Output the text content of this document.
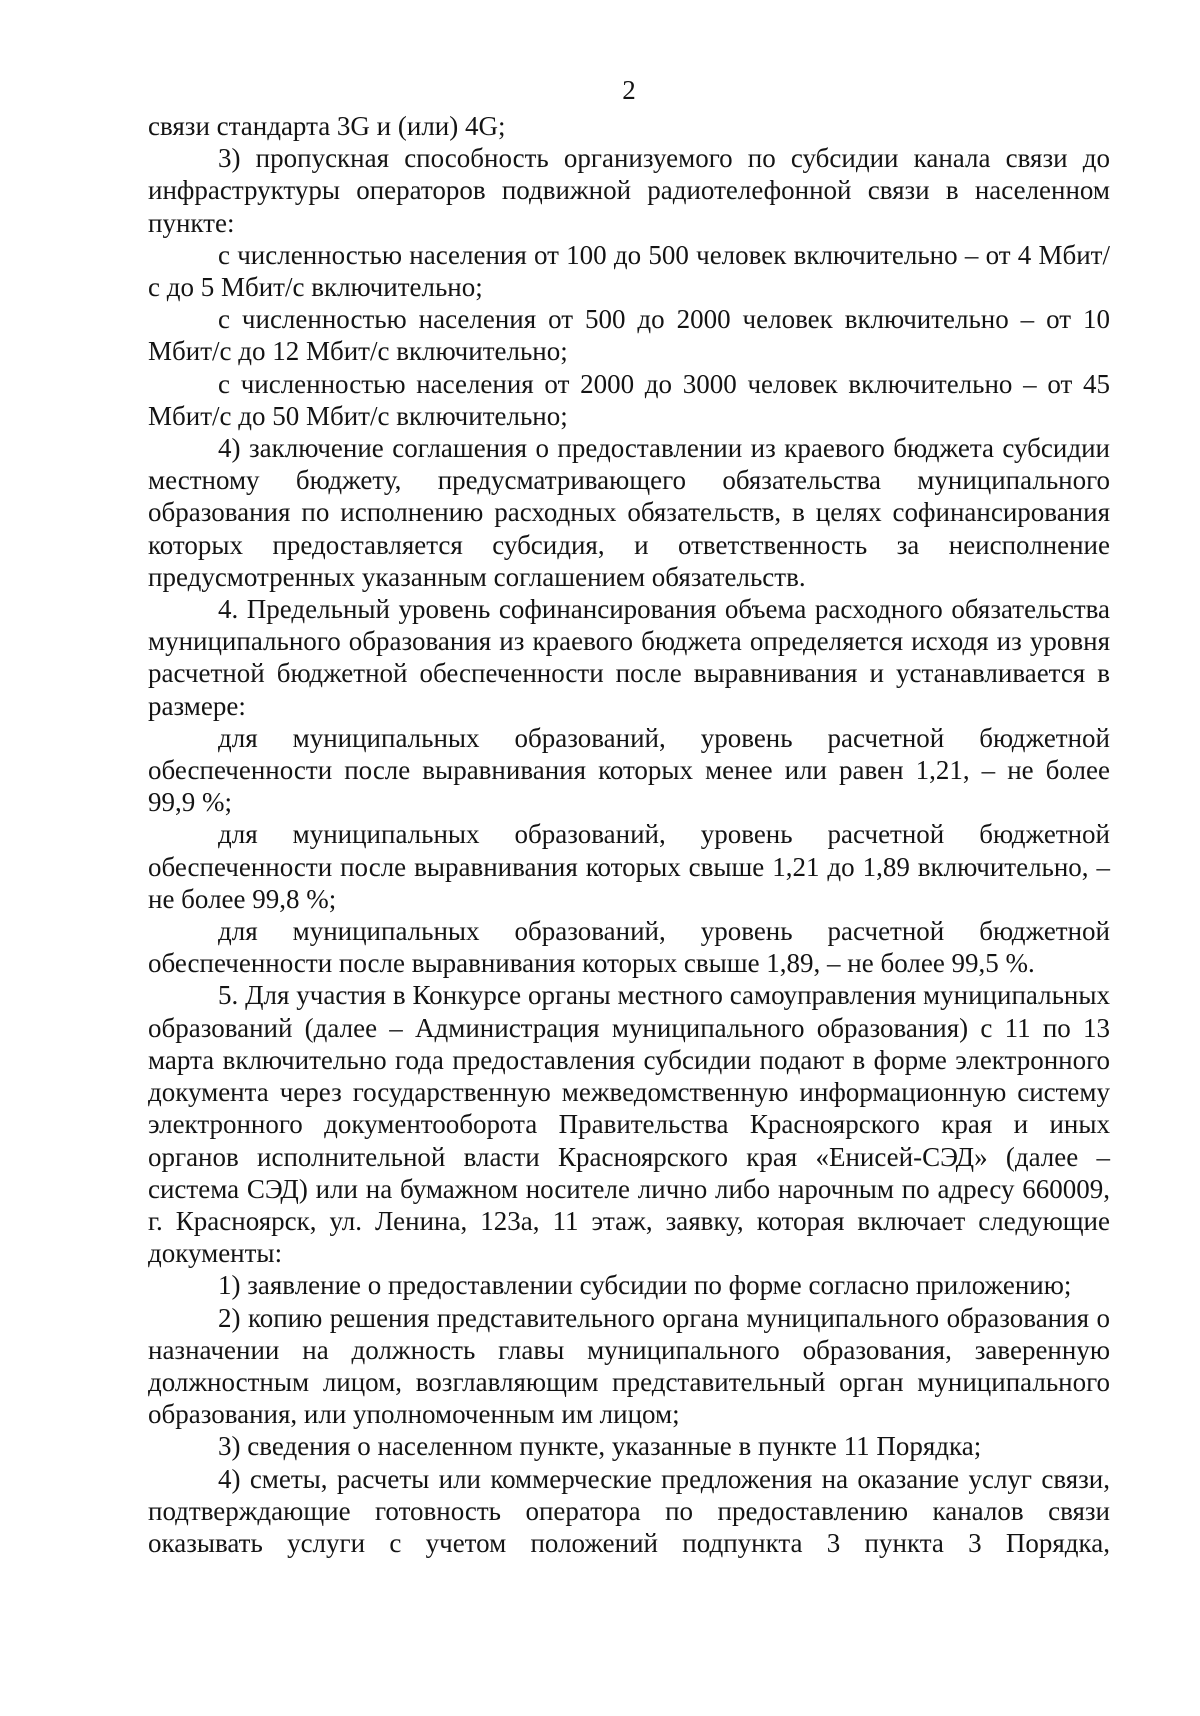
2

связи стандарта 3G и (или) 4G;

3) пропускная способность организуемого по субсидии канала связи до инфраструктуры операторов подвижной радиотелефонной связи в населенном пункте:

с численностью населения от 100 до 500 человек включительно – от 4 Мбит/с до 5 Мбит/с включительно;

с численностью населения от 500 до 2000 человек включительно – от 10 Мбит/с до 12 Мбит/с включительно;

с численностью населения от 2000 до 3000 человек включительно – от 45 Мбит/с до 50 Мбит/с включительно;

4) заключение соглашения о предоставлении из краевого бюджета субсидии местному бюджету, предусматривающего обязательства муниципального образования по исполнению расходных обязательств, в целях софинансирования которых предоставляется субсидия, и ответственность за неисполнение предусмотренных указанным соглашением обязательств.

4. Предельный уровень софинансирования объема расходного обязательства муниципального образования из краевого бюджета определяется исходя из уровня расчетной бюджетной обеспеченности после выравнивания и устанавливается в размере:

для муниципальных образований, уровень расчетной бюджетной обеспеченности после выравнивания которых менее или равен 1,21, – не более 99,9 %;

для муниципальных образований, уровень расчетной бюджетной обеспеченности после выравнивания которых свыше 1,21 до 1,89 включительно, – не более 99,8 %;

для муниципальных образований, уровень расчетной бюджетной обеспеченности после выравнивания которых свыше 1,89, – не более 99,5 %.

5. Для участия в Конкурсе органы местного самоуправления муниципальных образований (далее – Администрация муниципального образования) с 11 по 13 марта включительно года предоставления субсидии подают в форме электронного документа через государственную межведомственную информационную систему электронного документооборота Правительства Красноярского края и иных органов исполнительной власти Красноярского края «Енисей-СЭД» (далее – система СЭД) или на бумажном носителе лично либо нарочным по адресу 660009, г. Красноярск, ул. Ленина, 123а, 11 этаж, заявку, которая включает следующие документы:

1) заявление о предоставлении субсидии по форме согласно приложению;

2) копию решения представительного органа муниципального образования о назначении на должность главы муниципального образования, заверенную должностным лицом, возглавляющим представительный орган муниципального образования, или уполномоченным им лицом;

3) сведения о населенном пункте, указанные в пункте 11 Порядка;

4) сметы, расчеты или коммерческие предложения на оказание услуг связи, подтверждающие готовность оператора по предоставлению каналов связи оказывать услуги с учетом положений подпункта 3 пункта 3 Порядка,
